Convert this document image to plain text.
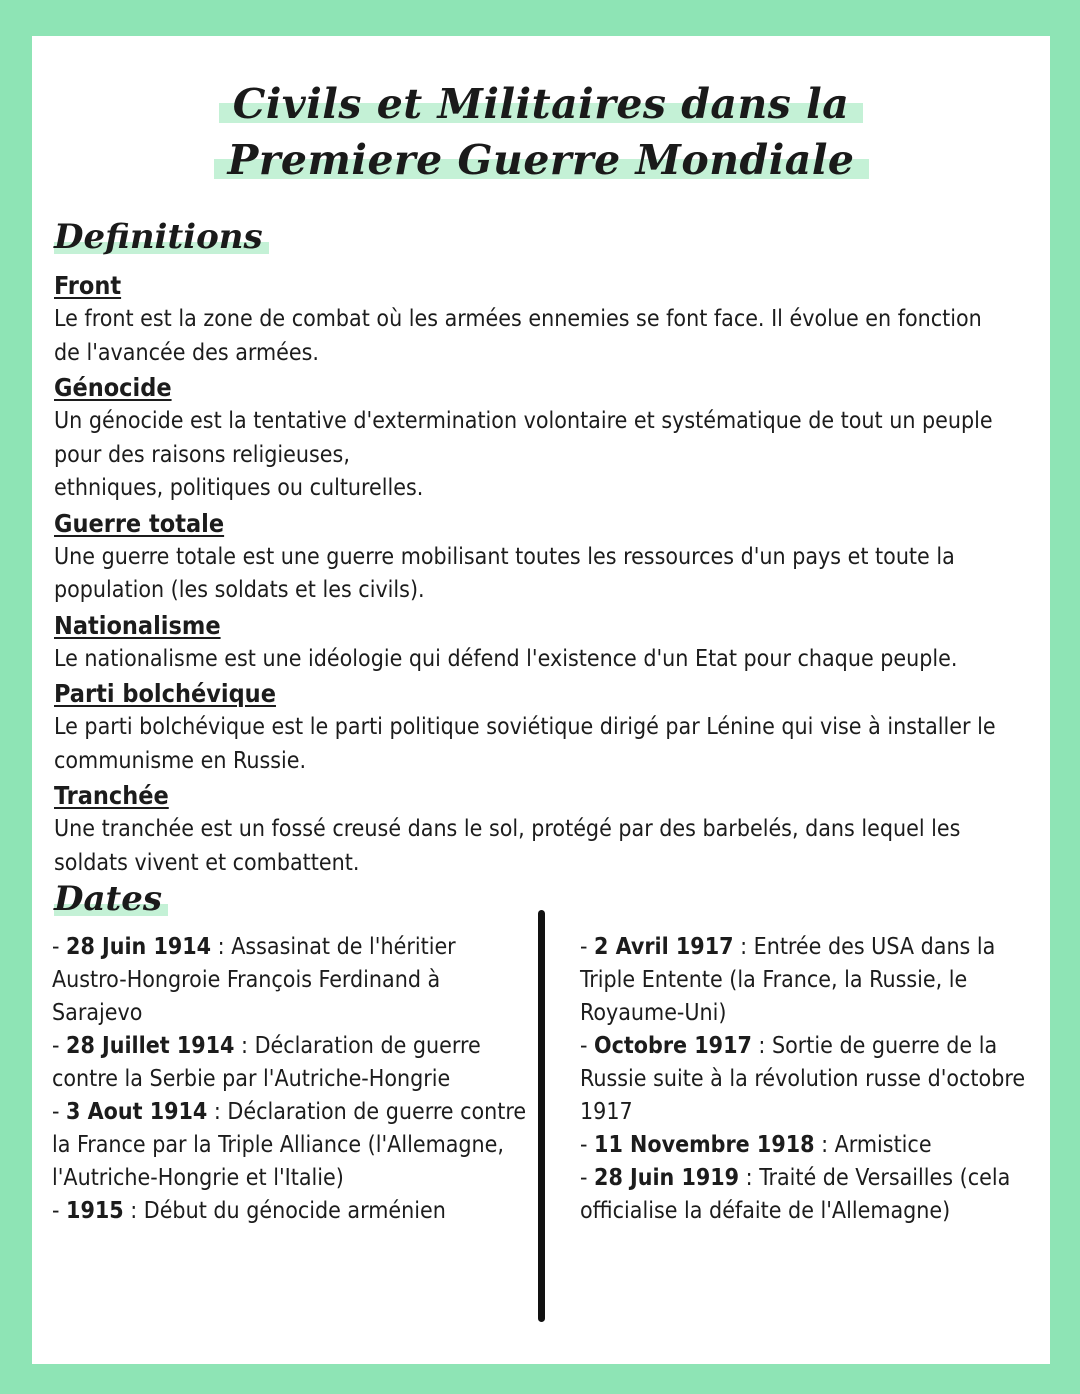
Civils et Militaires dans la
Premiere Guerre Mondiale
Definitions
Front

Le front est la zone de combat où les armées ennemies se font face. Il évolue en fonction de l'avancée des armées.

Génocide

Un génocide est la tentative d'extermination volontaire et systématique de tout un peuple pour des raisons religieuses,

ethniques, politiques ou culturelles.

Guerre totale

Une guerre totale est une guerre mobilisant toutes les ressources d'un pays et toute la population (les soldats et les civils).

Nationalisme

Le nationalisme est une idéologie qui défend l'existence d'un Etat pour chaque peuple.

Parti bolchévique

Le parti bolchévique est le parti politique soviétique dirigé par Lénine qui vise à installer le communisme en Russie.

Tranchée

Une tranchée est un fossé creusé dans le sol, protégé par des barbelés, dans lequel les soldats vivent et combattent.

Dates

- 28 Juin 1914 : Assasinat de l'héritier Austro-Hongroie François Ferdinand à Sarajevo

- 28 Juillet 1914 : Déclaration de guerre contre la Serbie par l'Autriche-Hongrie

- 3 Aout 1914 : Déclaration de guerre contre la France par la Triple Alliance (l'Allemagne, l'Autriche-Hongrie et l'Italie)

- 1915 : Début du génocide arménien

- 2 Avril 1917 : Entrée des USA dans la Triple Entente (la France, la Russie, le Royaume-Uni)

- Octobre 1917 : Sortie de guerre de la Russie suite à la révolution russe d'octobre 1917

- 11 Novembre 1918 : Armistice

- 28 Juin 1919 : Traité de Versailles (cela officialise la défaite de l'Allemagne)
